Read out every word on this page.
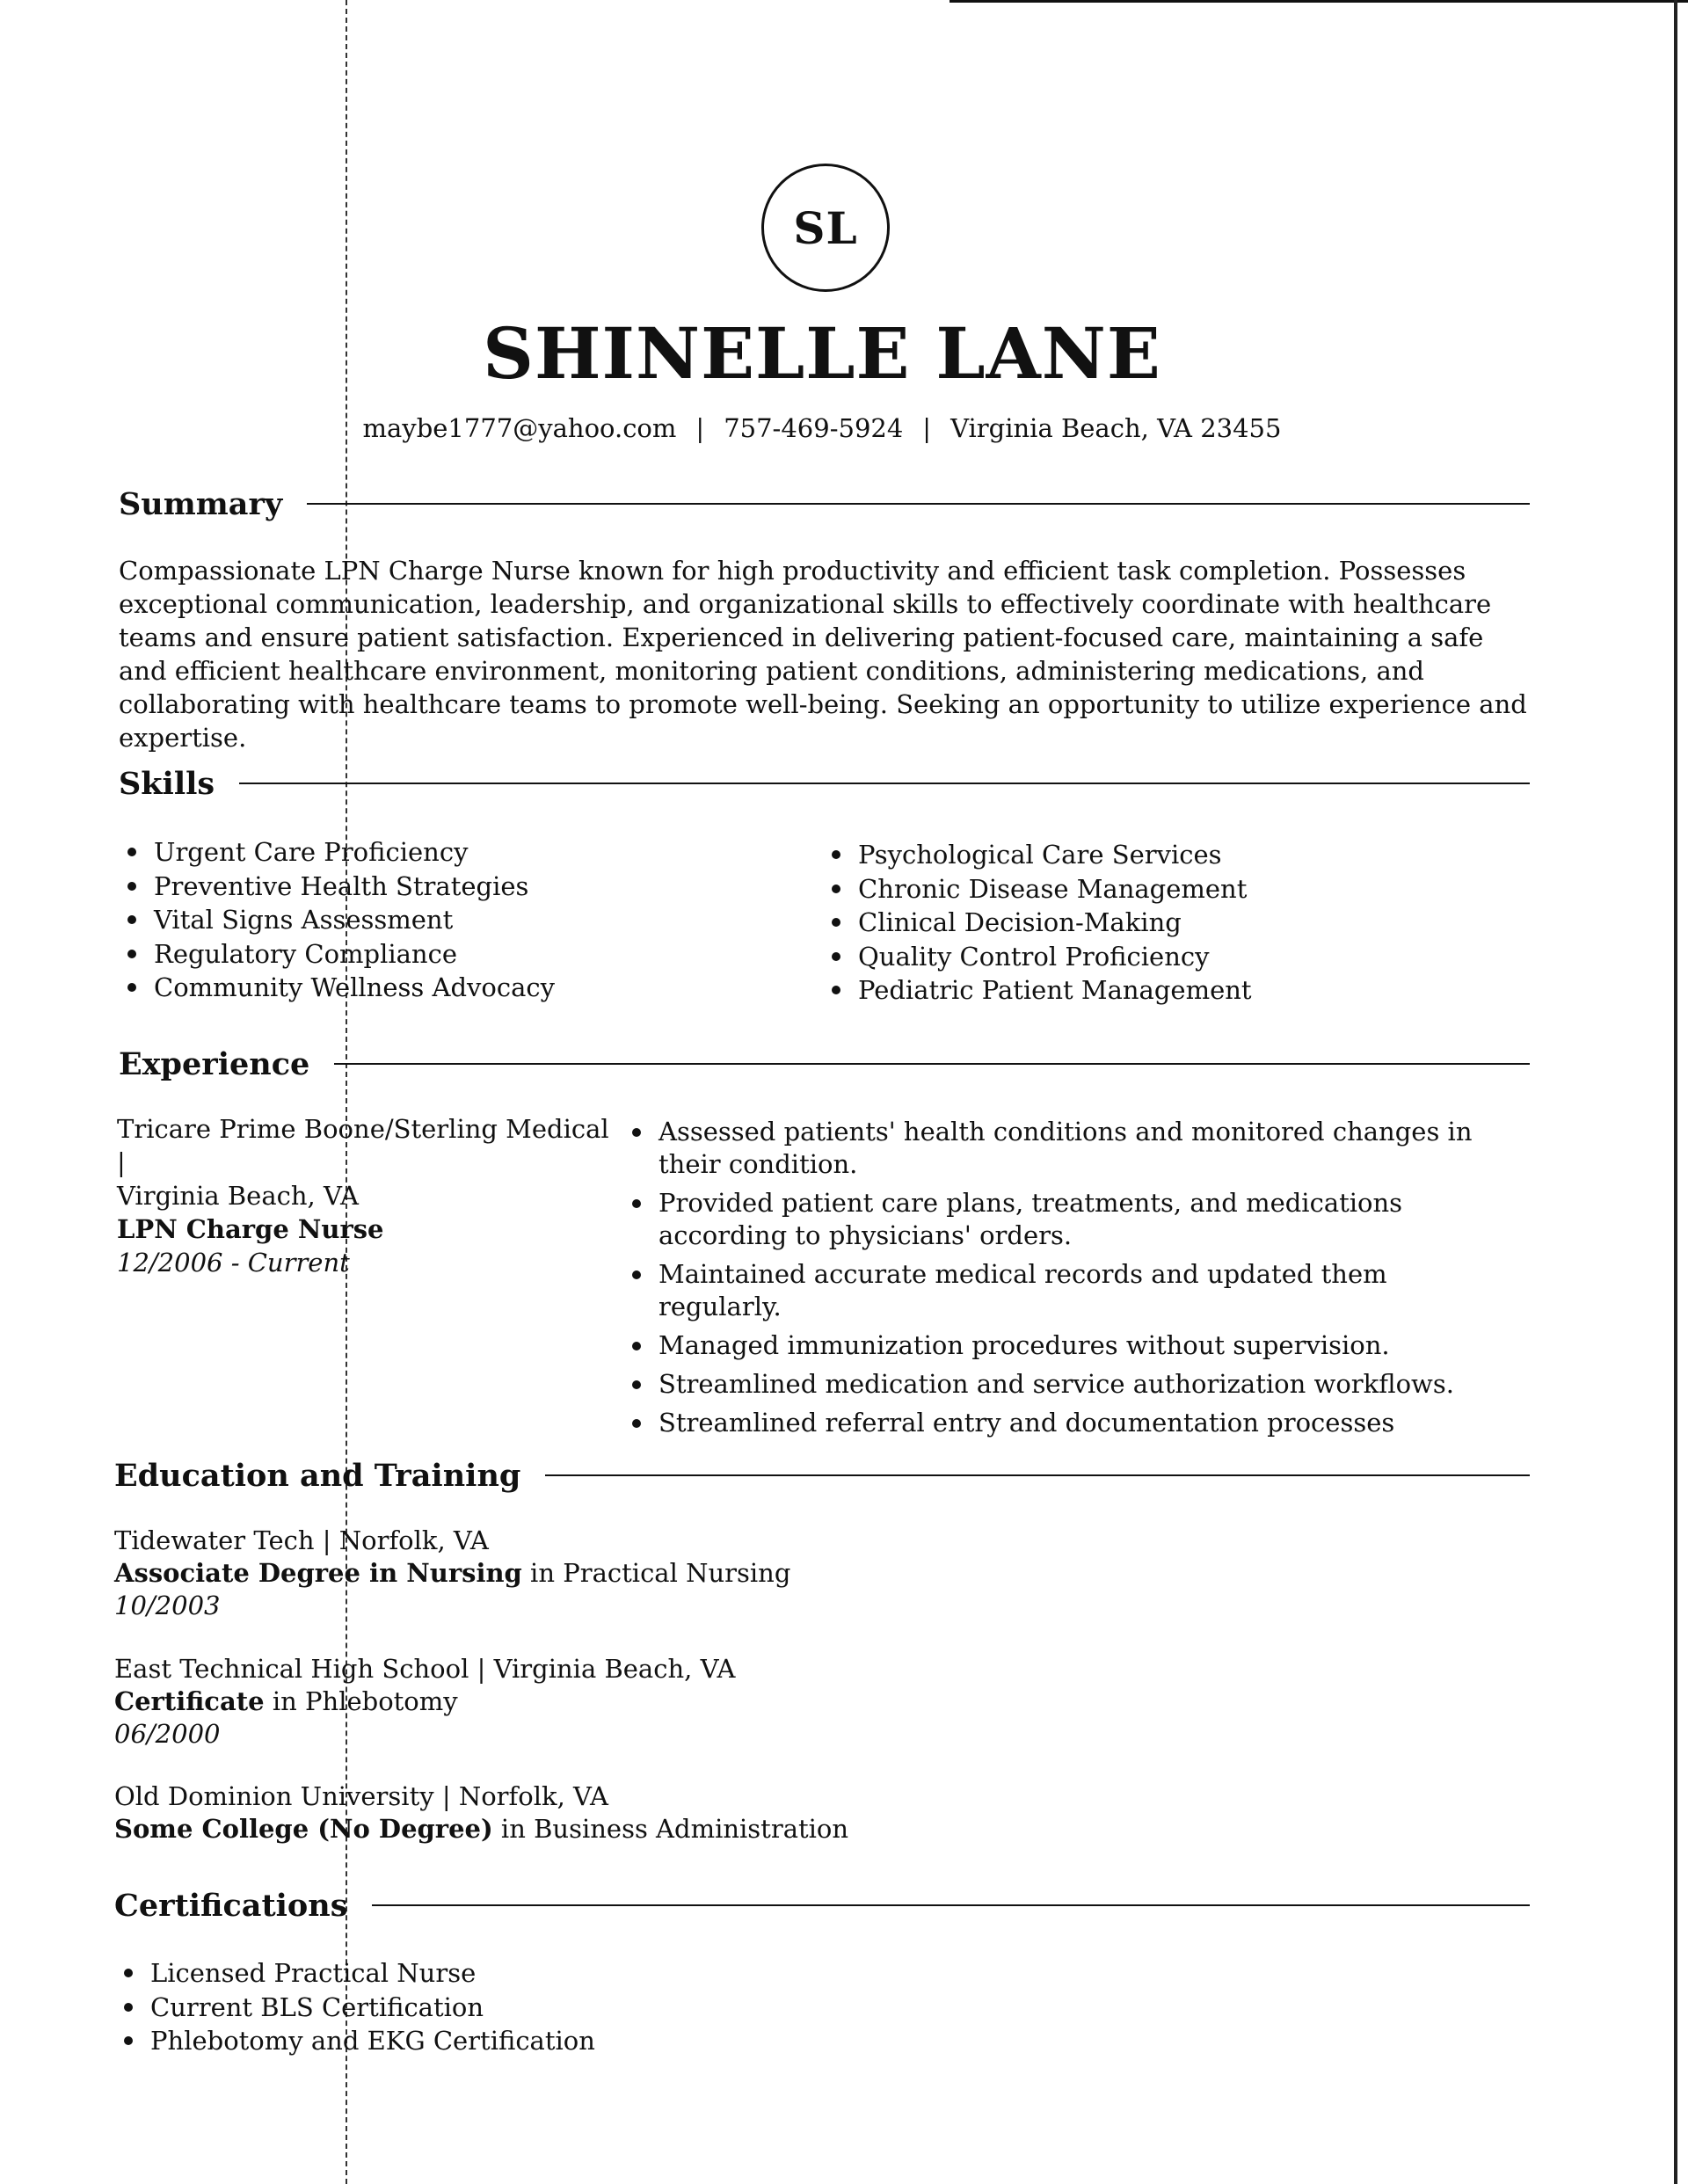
SL
SHINELLE LANE
maybe1777@yahoo.com | 757-469-5924 | Virginia Beach, VA 23455
Summary
Compassionate LPN Charge Nurse known for high productivity and efficient task completion. Possesses exceptional communication, leadership, and organizational skills to effectively coordinate with healthcare teams and ensure patient satisfaction. Experienced in delivering patient-focused care, maintaining a safe and efficient healthcare environment, monitoring patient conditions, administering medications, and collaborating with healthcare teams to promote well-being. Seeking an opportunity to utilize experience and expertise.
Skills
Urgent Care Proficiency
Preventive Health Strategies
Vital Signs Assessment
Regulatory Compliance
Community Wellness Advocacy
Psychological Care Services
Chronic Disease Management
Clinical Decision-Making
Quality Control Proficiency
Pediatric Patient Management
Experience
Tricare Prime Boone/Sterling Medical |
Virginia Beach, VA
LPN Charge Nurse
12/2006 - Current
Assessed patients' health conditions and monitored changes in their condition.
Provided patient care plans, treatments, and medications according to physicians' orders.
Maintained accurate medical records and updated them regularly.
Managed immunization procedures without supervision.
Streamlined medication and service authorization workflows.
Streamlined referral entry and documentation processes
Education and Training
Tidewater Tech | Norfolk, VA
Associate Degree in Nursing in Practical Nursing
10/2003
East Technical High School | Virginia Beach, VA
Certificate in Phlebotomy
06/2000
Old Dominion University | Norfolk, VA
Some College (No Degree) in Business Administration
Certifications
Licensed Practical Nurse
Current BLS Certification
Phlebotomy and EKG Certification
